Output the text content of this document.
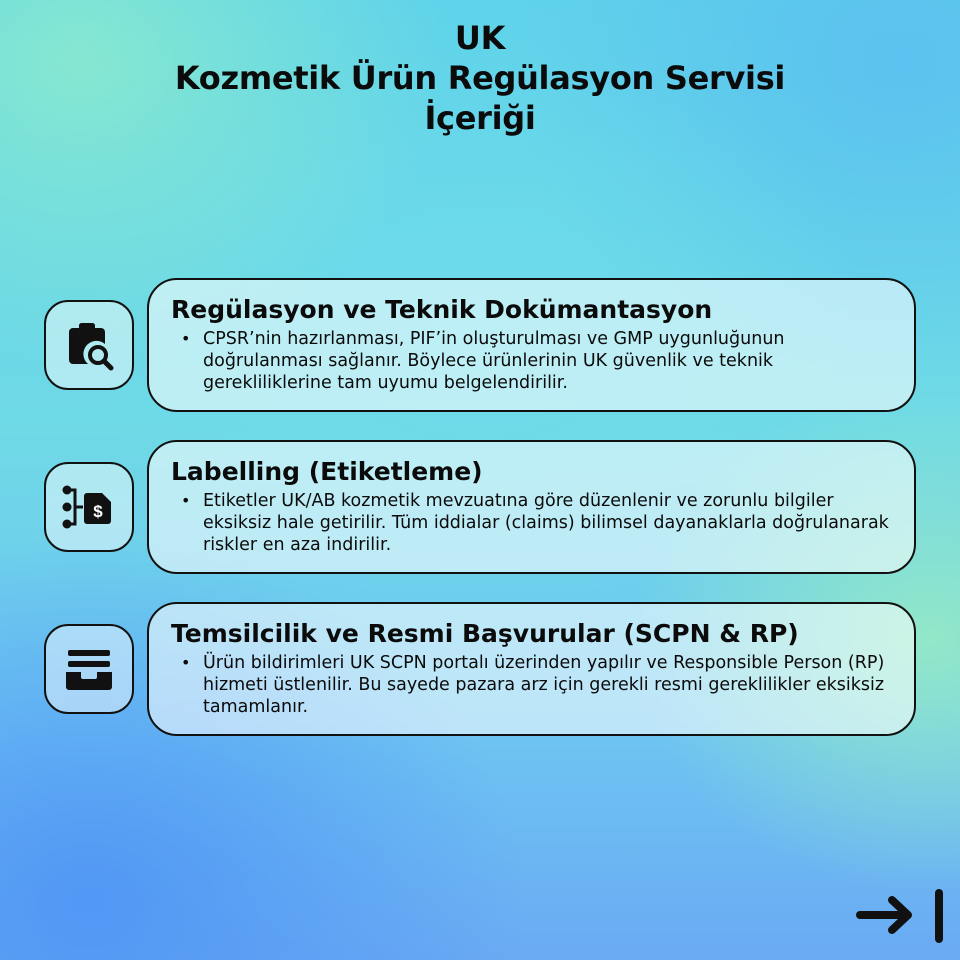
UK
Kozmetik Ürün Regülasyon Servisi
İçeriği
Regülasyon ve Teknik Dokümantasyon
• CPSR’nin hazırlanması, PIF’in oluşturulması ve GMP uygunluğunun doğrulanması sağlanır. Böylece ürünlerinin UK güvenlik ve teknik gerekliliklerine tam uyumu belgelendirilir.
$
Labelling (Etiketleme)
• Etiketler UK/AB kozmetik mevzuatına göre düzenlenir ve zorunlu bilgiler eksiksiz hale getirilir. Tüm iddialar (claims) bilimsel dayanaklarla doğrulanarak riskler en aza indirilir.
Temsilcilik ve Resmi Başvurular (SCPN & RP)
• Ürün bildirimleri UK SCPN portalı üzerinden yapılır ve Responsible Person (RP) hizmeti üstlenilir. Bu sayede pazara arz için gerekli resmi gereklilikler eksiksiz tamamlanır.
